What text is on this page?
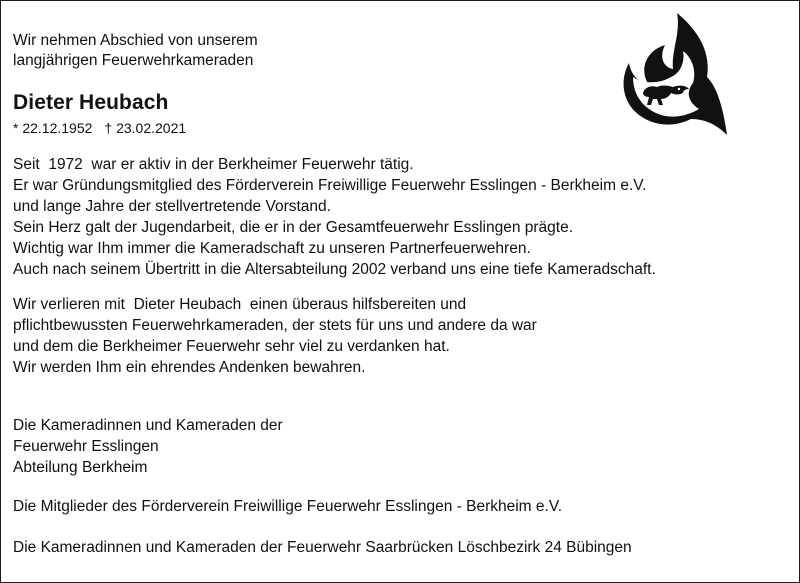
Wir nehmen Abschied von unserem
langjährigen Feuerwehrkameraden
Dieter Heubach
* 22.12.1952 † 23.02.2021
Seit  1972  war er aktiv in der Berkheimer Feuerwehr tätig.
Er war Gründungsmitglied des Förderverein Freiwillige Feuerwehr Esslingen - Berkheim e.V.
und lange Jahre der stellvertretende Vorstand.
Sein Herz galt der Jugendarbeit, die er in der Gesamtfeuerwehr Esslingen prägte.
Wichtig war Ihm immer die Kameradschaft zu unseren Partnerfeuerwehren.
Auch nach seinem Übertritt in die Altersabteilung 2002 verband uns eine tiefe Kameradschaft.
Wir verlieren mit  Dieter Heubach  einen überaus hilfsbereiten und
pflichtbewussten Feuerwehrkameraden, der stets für uns und andere da war
und dem die Berkheimer Feuerwehr sehr viel zu verdanken hat.
Wir werden Ihm ein ehrendes Andenken bewahren.
Die Kameradinnen und Kameraden der
Feuerwehr Esslingen
Abteilung Berkheim
Die Mitglieder des Förderverein Freiwillige Feuerwehr Esslingen - Berkheim e.V.
Die Kameradinnen und Kameraden der Feuerwehr Saarbrücken Löschbezirk 24 Bübingen
